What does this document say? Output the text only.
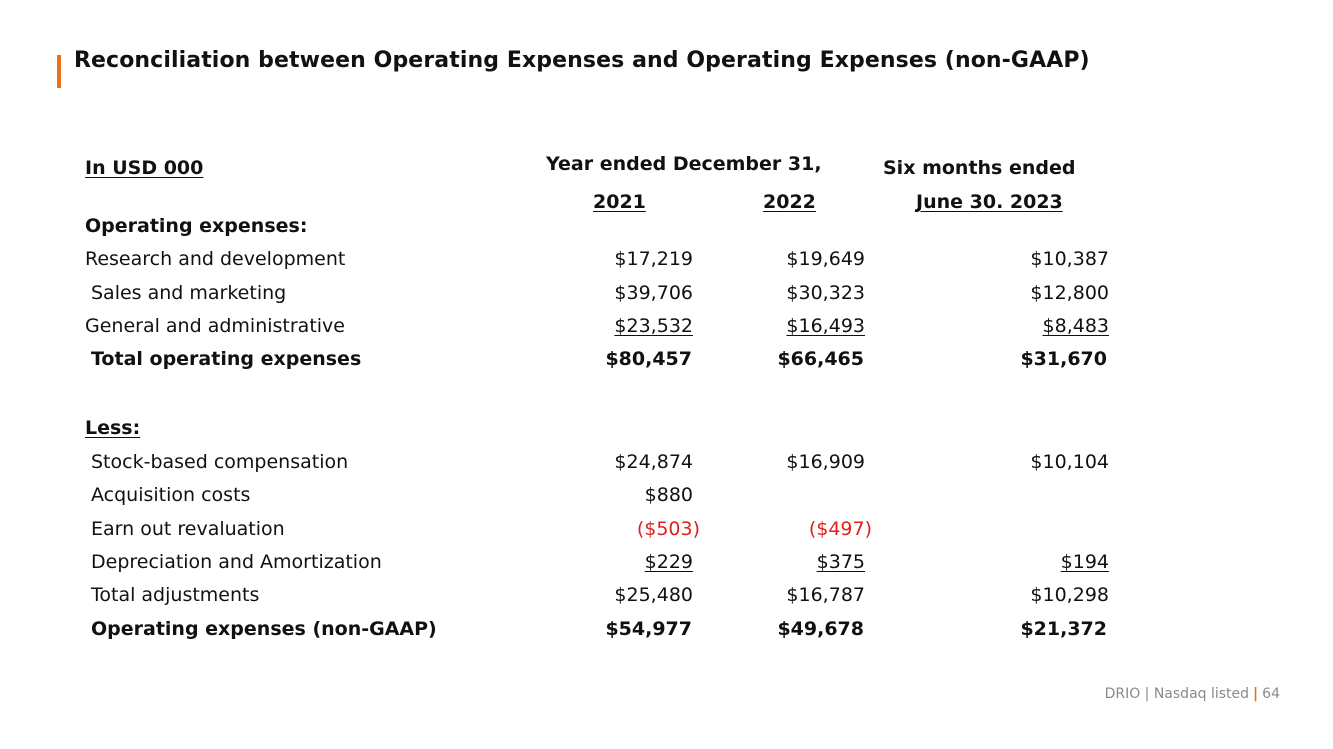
Reconciliation between Operating Expenses and Operating Expenses (non-GAAP)
In USD 000	Year ended December 31,	Six months ended
2021	2022	June 30. 2023
Operating expenses:
Research and development	$17,219	$19,649	$10,387
Sales and marketing	$39,706	$30,323	$12,800
General and administrative	$23,532	$16,493	$8,483
Total operating expenses	$80,457	$66,465	$31,670
Less:
Stock-based compensation	$24,874	$16,909	$10,104
Acquisition costs	$880
Earn out revaluation	($503)	($497)
Depreciation and Amortization	$229	$375	$194
Total adjustments	$25,480	$16,787	$10,298
Operating expenses (non-GAAP)	$54,977	$49,678	$21,372
DRIO | Nasdaq listed | 64
